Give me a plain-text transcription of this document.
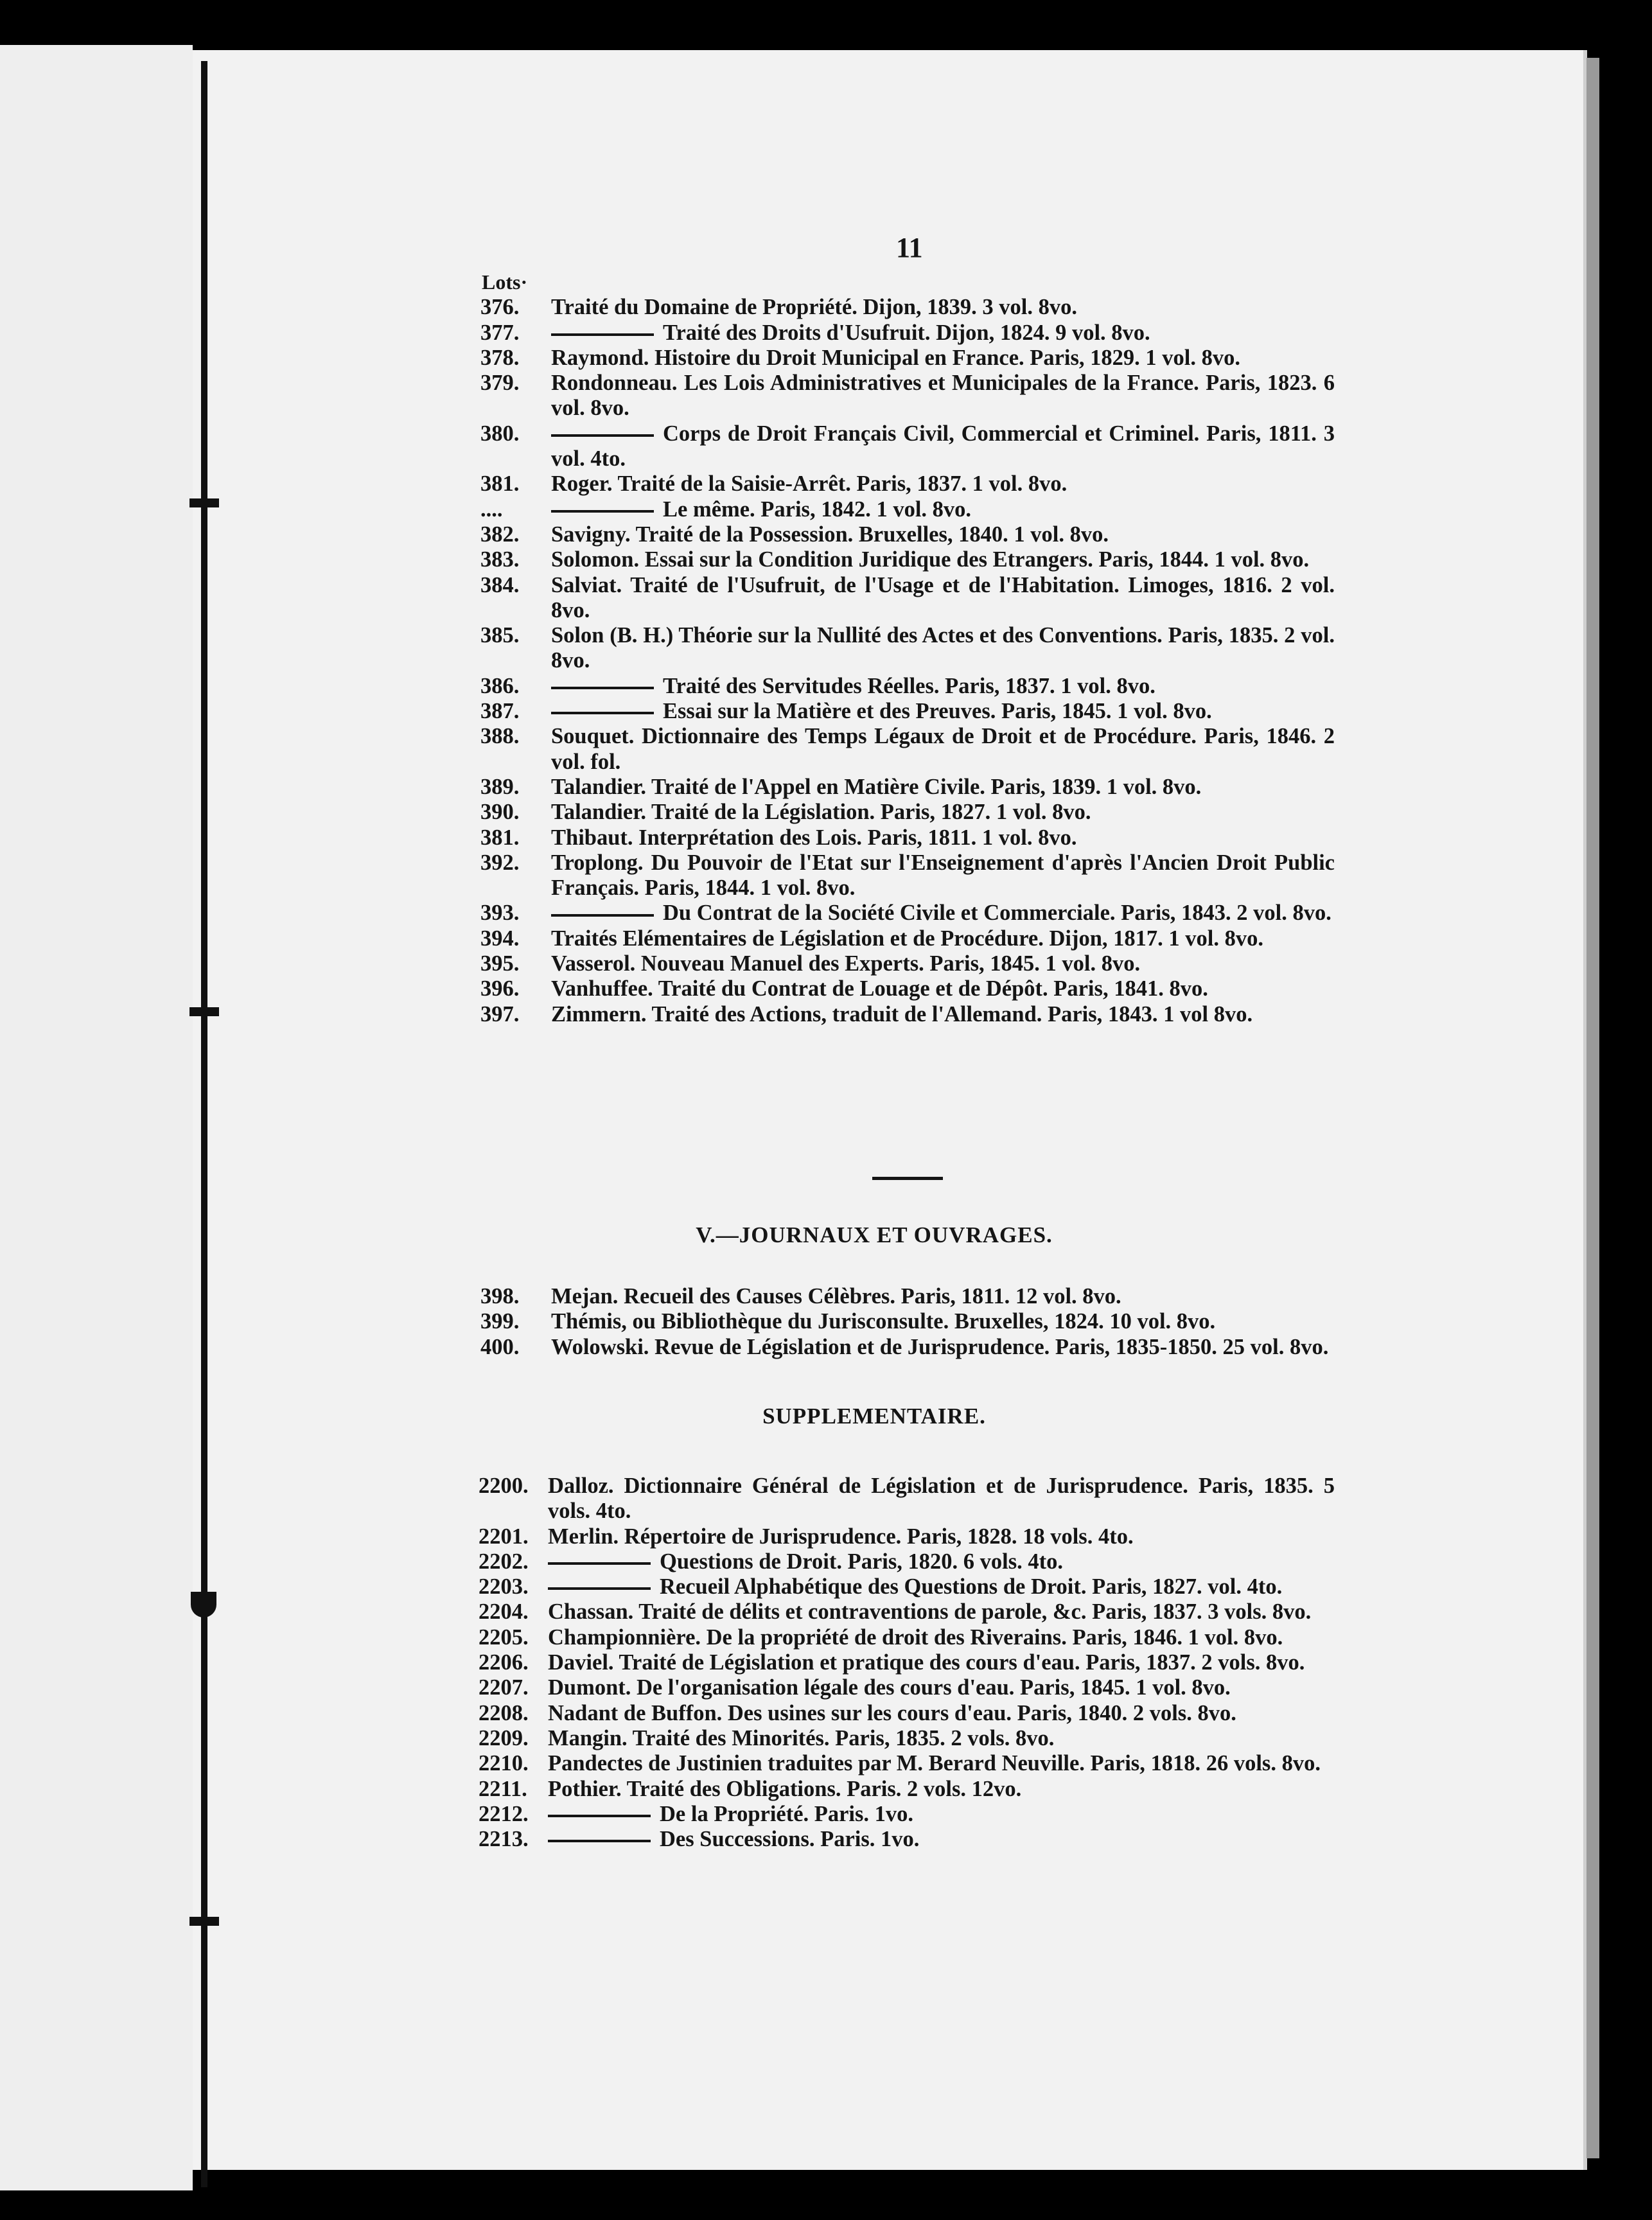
11
Lots·
376.	Traité du Domaine de Propriété. Dijon, 1839. 3 vol. 8vo.
377.	Traité des Droits d'Usufruit. Dijon, 1824. 9 vol. 8vo.
378.	Raymond. Histoire du Droit Municipal en France. Paris, 1829. 1 vol. 8vo.
379.	Rondonneau. Les Lois Administratives et Municipales de la France. Paris, 1823. 6 vol. 8vo.
380.	Corps de Droit Français Civil, Commercial et Criminel. Paris, 1811. 3 vol. 4to.
381.	Roger. Traité de la Saisie-Arrêt. Paris, 1837. 1 vol. 8vo.
....	Le même. Paris, 1842. 1 vol. 8vo.
382.	Savigny. Traité de la Possession. Bruxelles, 1840. 1 vol. 8vo.
383.	Solomon. Essai sur la Condition Juridique des Etrangers. Paris, 1844. 1 vol. 8vo.
384.	Salviat. Traité de l'Usufruit, de l'Usage et de l'Habitation. Limoges, 1816. 2 vol. 8vo.
385.	Solon (B. H.) Théorie sur la Nullité des Actes et des Conventions. Paris, 1835. 2 vol. 8vo.
386.	Traité des Servitudes Réelles. Paris, 1837. 1 vol. 8vo.
387.	Essai sur la Matière et des Preuves. Paris, 1845. 1 vol. 8vo.
388.	Souquet. Dictionnaire des Temps Légaux de Droit et de Procédure. Paris, 1846. 2 vol. fol.
389.	Talandier. Traité de l'Appel en Matière Civile. Paris, 1839. 1 vol. 8vo.
390.	Talandier. Traité de la Législation. Paris, 1827. 1 vol. 8vo.
381.	Thibaut. Interprétation des Lois. Paris, 1811. 1 vol. 8vo.
392.	Troplong. Du Pouvoir de l'Etat sur l'Enseignement d'après l'Ancien Droit Public Français. Paris, 1844. 1 vol. 8vo.
393.	Du Contrat de la Société Civile et Commerciale. Paris, 1843. 2 vol. 8vo.
394.	Traités Elémentaires de Législation et de Procédure. Dijon, 1817. 1 vol. 8vo.
395.	Vasserol. Nouveau Manuel des Experts. Paris, 1845. 1 vol. 8vo.
396.	Vanhuffee. Traité du Contrat de Louage et de Dépôt. Paris, 1841. 8vo.
397.	Zimmern. Traité des Actions, traduit de l'Allemand. Paris, 1843. 1 vol 8vo.
V.—JOURNAUX ET OUVRAGES.
398.	Mejan. Recueil des Causes Célèbres. Paris, 1811. 12 vol. 8vo.
399.	Thémis, ou Bibliothèque du Jurisconsulte. Bruxelles, 1824. 10 vol. 8vo.
400.	Wolowski. Revue de Législation et de Jurisprudence. Paris, 1835-1850. 25 vol. 8vo.
SUPPLEMENTAIRE.
2200. Dalloz. Dictionnaire Général de Législation et de Jurisprudence. Paris, 1835. 5 vols. 4to.
2201. Merlin. Répertoire de Jurisprudence. Paris, 1828. 18 vols. 4to.
2202.	Questions de Droit. Paris, 1820. 6 vols. 4to.
2203.	Recueil Alphabétique des Questions de Droit. Paris, 1827. vol. 4to.
2204. Chassan. Traité de délits et contraventions de parole, &c. Paris, 1837. 3 vols. 8vo.
2205. Championnière. De la propriété de droit des Riverains. Paris, 1846. 1 vol. 8vo.
2206. Daviel. Traité de Législation et pratique des cours d'eau. Paris, 1837. 2 vols. 8vo.
2207. Dumont. De l'organisation légale des cours d'eau. Paris, 1845. 1 vol. 8vo.
2208. Nadant de Buffon. Des usines sur les cours d'eau. Paris, 1840. 2 vols. 8vo.
2209. Mangin. Traité des Minorités. Paris, 1835. 2 vols. 8vo.
2210. Pandectes de Justinien traduites par M. Berard Neuville. Paris, 1818. 26 vols. 8vo.
2211. Pothier. Traité des Obligations. Paris. 2 vols. 12vo.
2212.	De la Propriété. Paris. 1vo.
2213.	Des Successions. Paris. 1vo.
